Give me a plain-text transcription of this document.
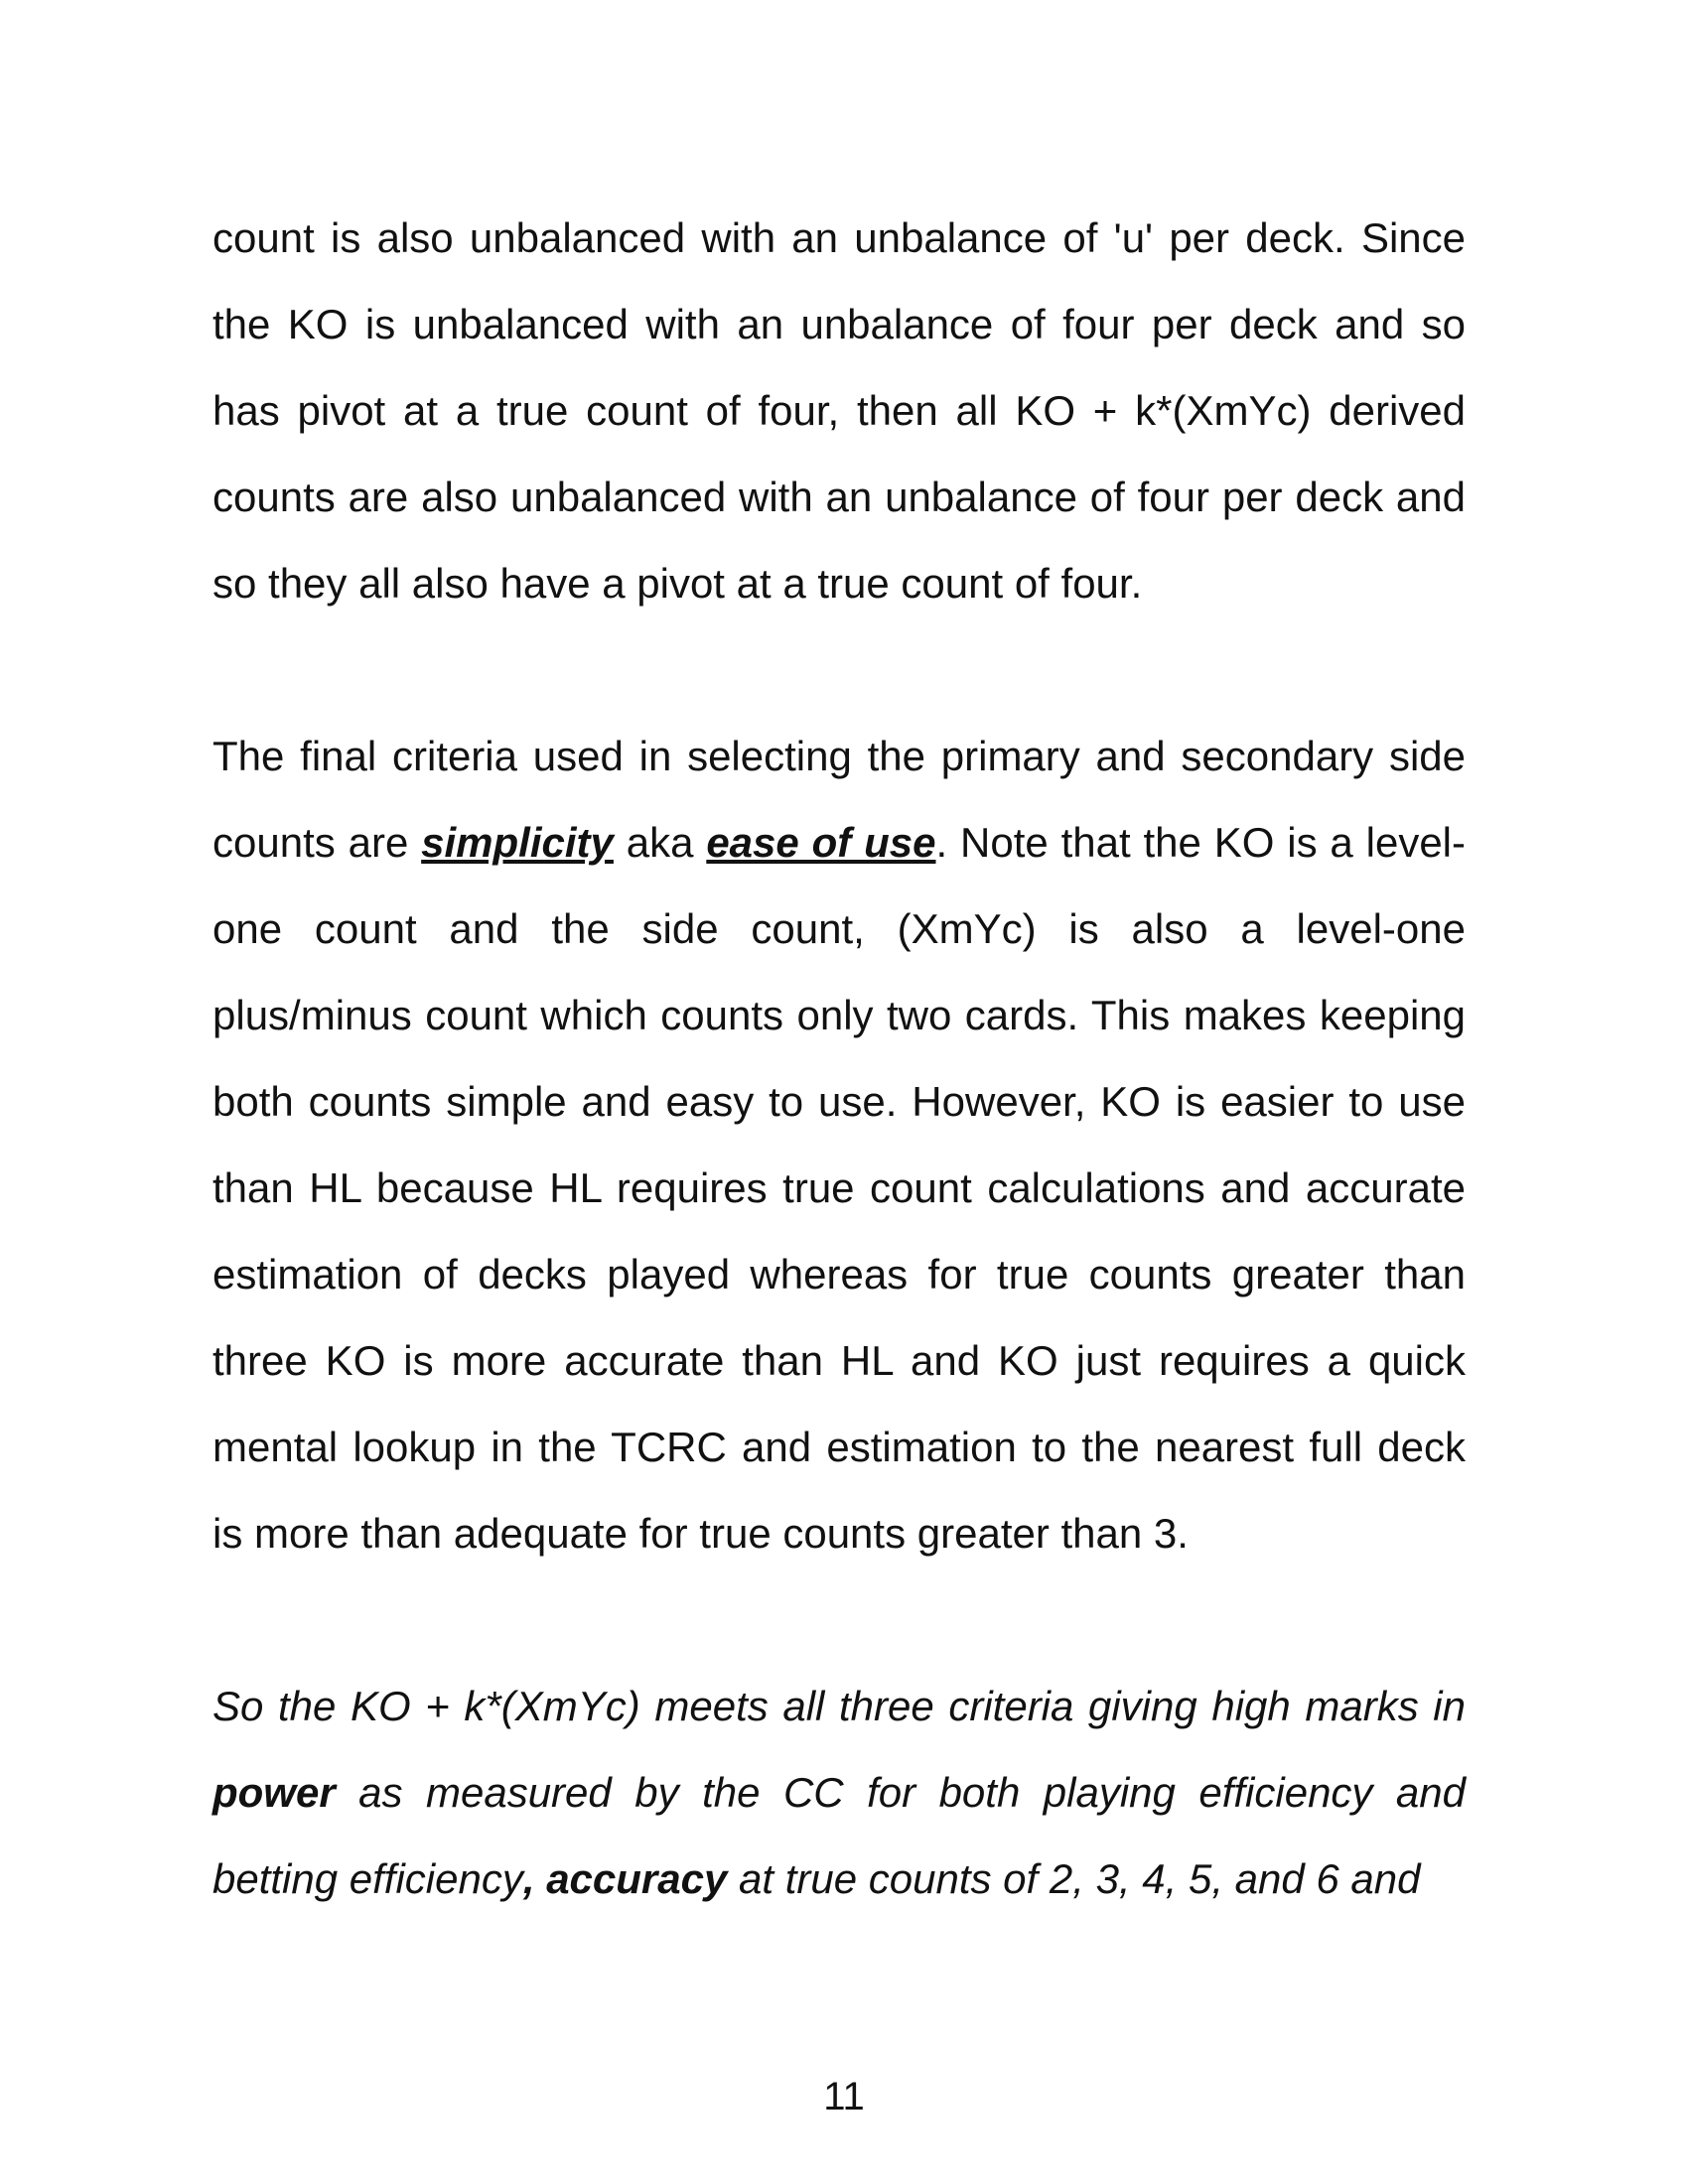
count is also unbalanced with an unbalance of 'u' per deck. Since the KO is unbalanced with an unbalance of four per deck and so has pivot at a true count of four, then all KO + k*(XmYc) derived counts are also unbalanced with an unbalance of four per deck and so they all also have a pivot at a true count of four.

The final criteria used in selecting the primary and secondary side counts are simplicity aka ease of use. Note that the KO is a level-one count and the side count, (XmYc) is also a level-one plus/minus count which counts only two cards. This makes keeping both counts simple and easy to use. However, KO is easier to use than HL because HL requires true count calculations and accurate estimation of decks played whereas for true counts greater than three KO is more accurate than HL and KO just requires a quick mental lookup in the TCRC and estimation to the nearest full deck is more than adequate for true counts greater than 3.

So the KO + k*(XmYc) meets all three criteria giving high marks in power as measured by the CC for both playing efficiency and betting efficiency, accuracy at true counts of 2, 3, 4, 5, and 6 and

11
